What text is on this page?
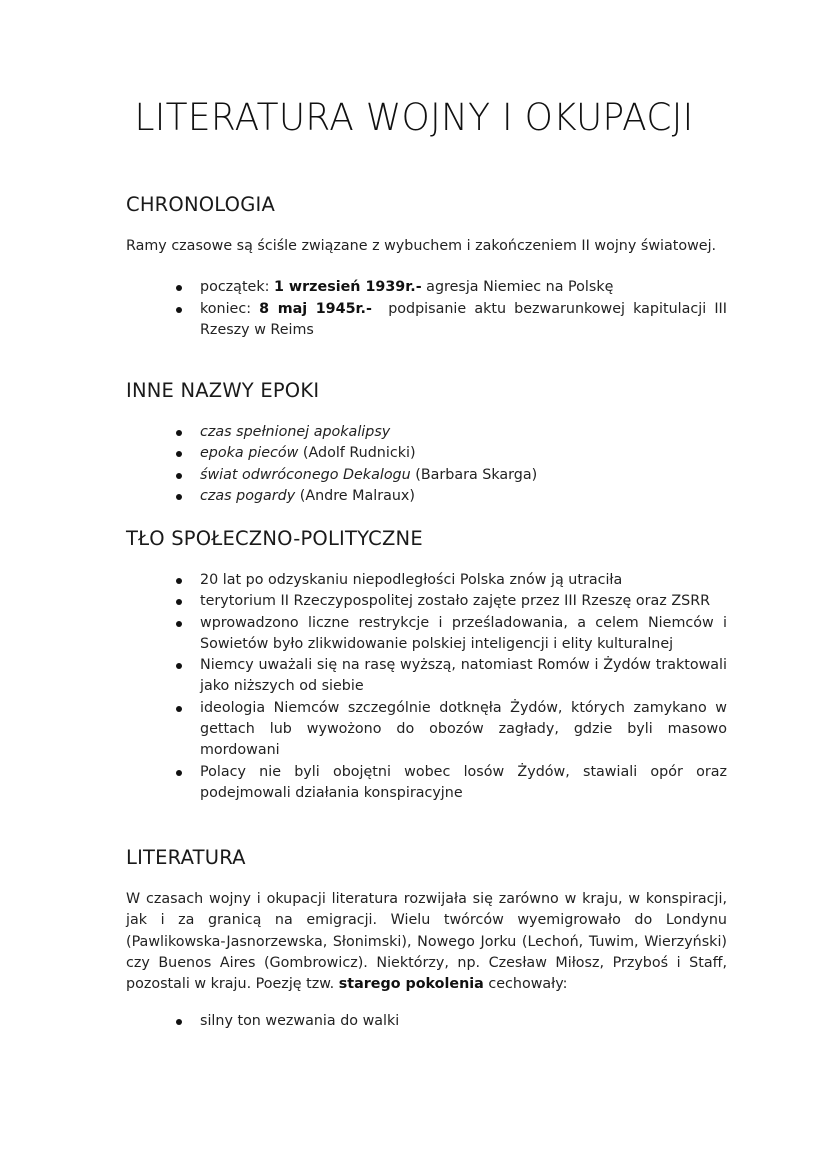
LITERATURA WOJNY I OKUPACJI
CHRONOLOGIA

Ramy czasowe są ściśle związane z wybuchem i zakończeniem II wojny światowej.

początek: 1 wrzesień 1939r.- agresja Niemiec na Polskę
koniec: 8 maj 1945r.-  podpisanie aktu bezwarunkowej kapitulacji III Rzeszy w Reims
INNE NAZWY EPOKI
czas spełnionej apokalipsy
epoka pieców (Adolf Rudnicki)
świat odwróconego Dekalogu (Barbara Skarga)
czas pogardy (Andre Malraux)
TŁO SPOŁECZNO-POLITYCZNE
20 lat po odzyskaniu niepodległości Polska znów ją utraciła
terytorium II Rzeczypospolitej zostało zajęte przez III Rzeszę oraz ZSRR
wprowadzono liczne restrykcje i prześladowania, a celem Niemców i Sowietów było zlikwidowanie polskiej inteligencji i elity kulturalnej
Niemcy uważali się na rasę wyższą, natomiast Romów i Żydów traktowali jako niższych od siebie
ideologia Niemców szczególnie dotknęła Żydów, których zamykano w gettach lub wywożono do obozów zagłady, gdzie byli masowo mordowani
Polacy nie byli obojętni wobec losów Żydów, stawiali opór oraz podejmowali działania konspiracyjne
LITERATURA

W czasach wojny i okupacji literatura rozwijała się zarówno w kraju, w konspiracji, jak i za granicą na emigracji. Wielu twórców wyemigrowało do Londynu (Pawlikowska-Jasnorzewska, Słonimski), Nowego Jorku (Lechoń, Tuwim, Wierzyński) czy Buenos Aires (Gombrowicz). Niektórzy, np. Czesław Miłosz, Przyboś i Staff, pozostali w kraju. Poezję tzw. starego pokolenia cechowały:

silny ton wezwania do walki
